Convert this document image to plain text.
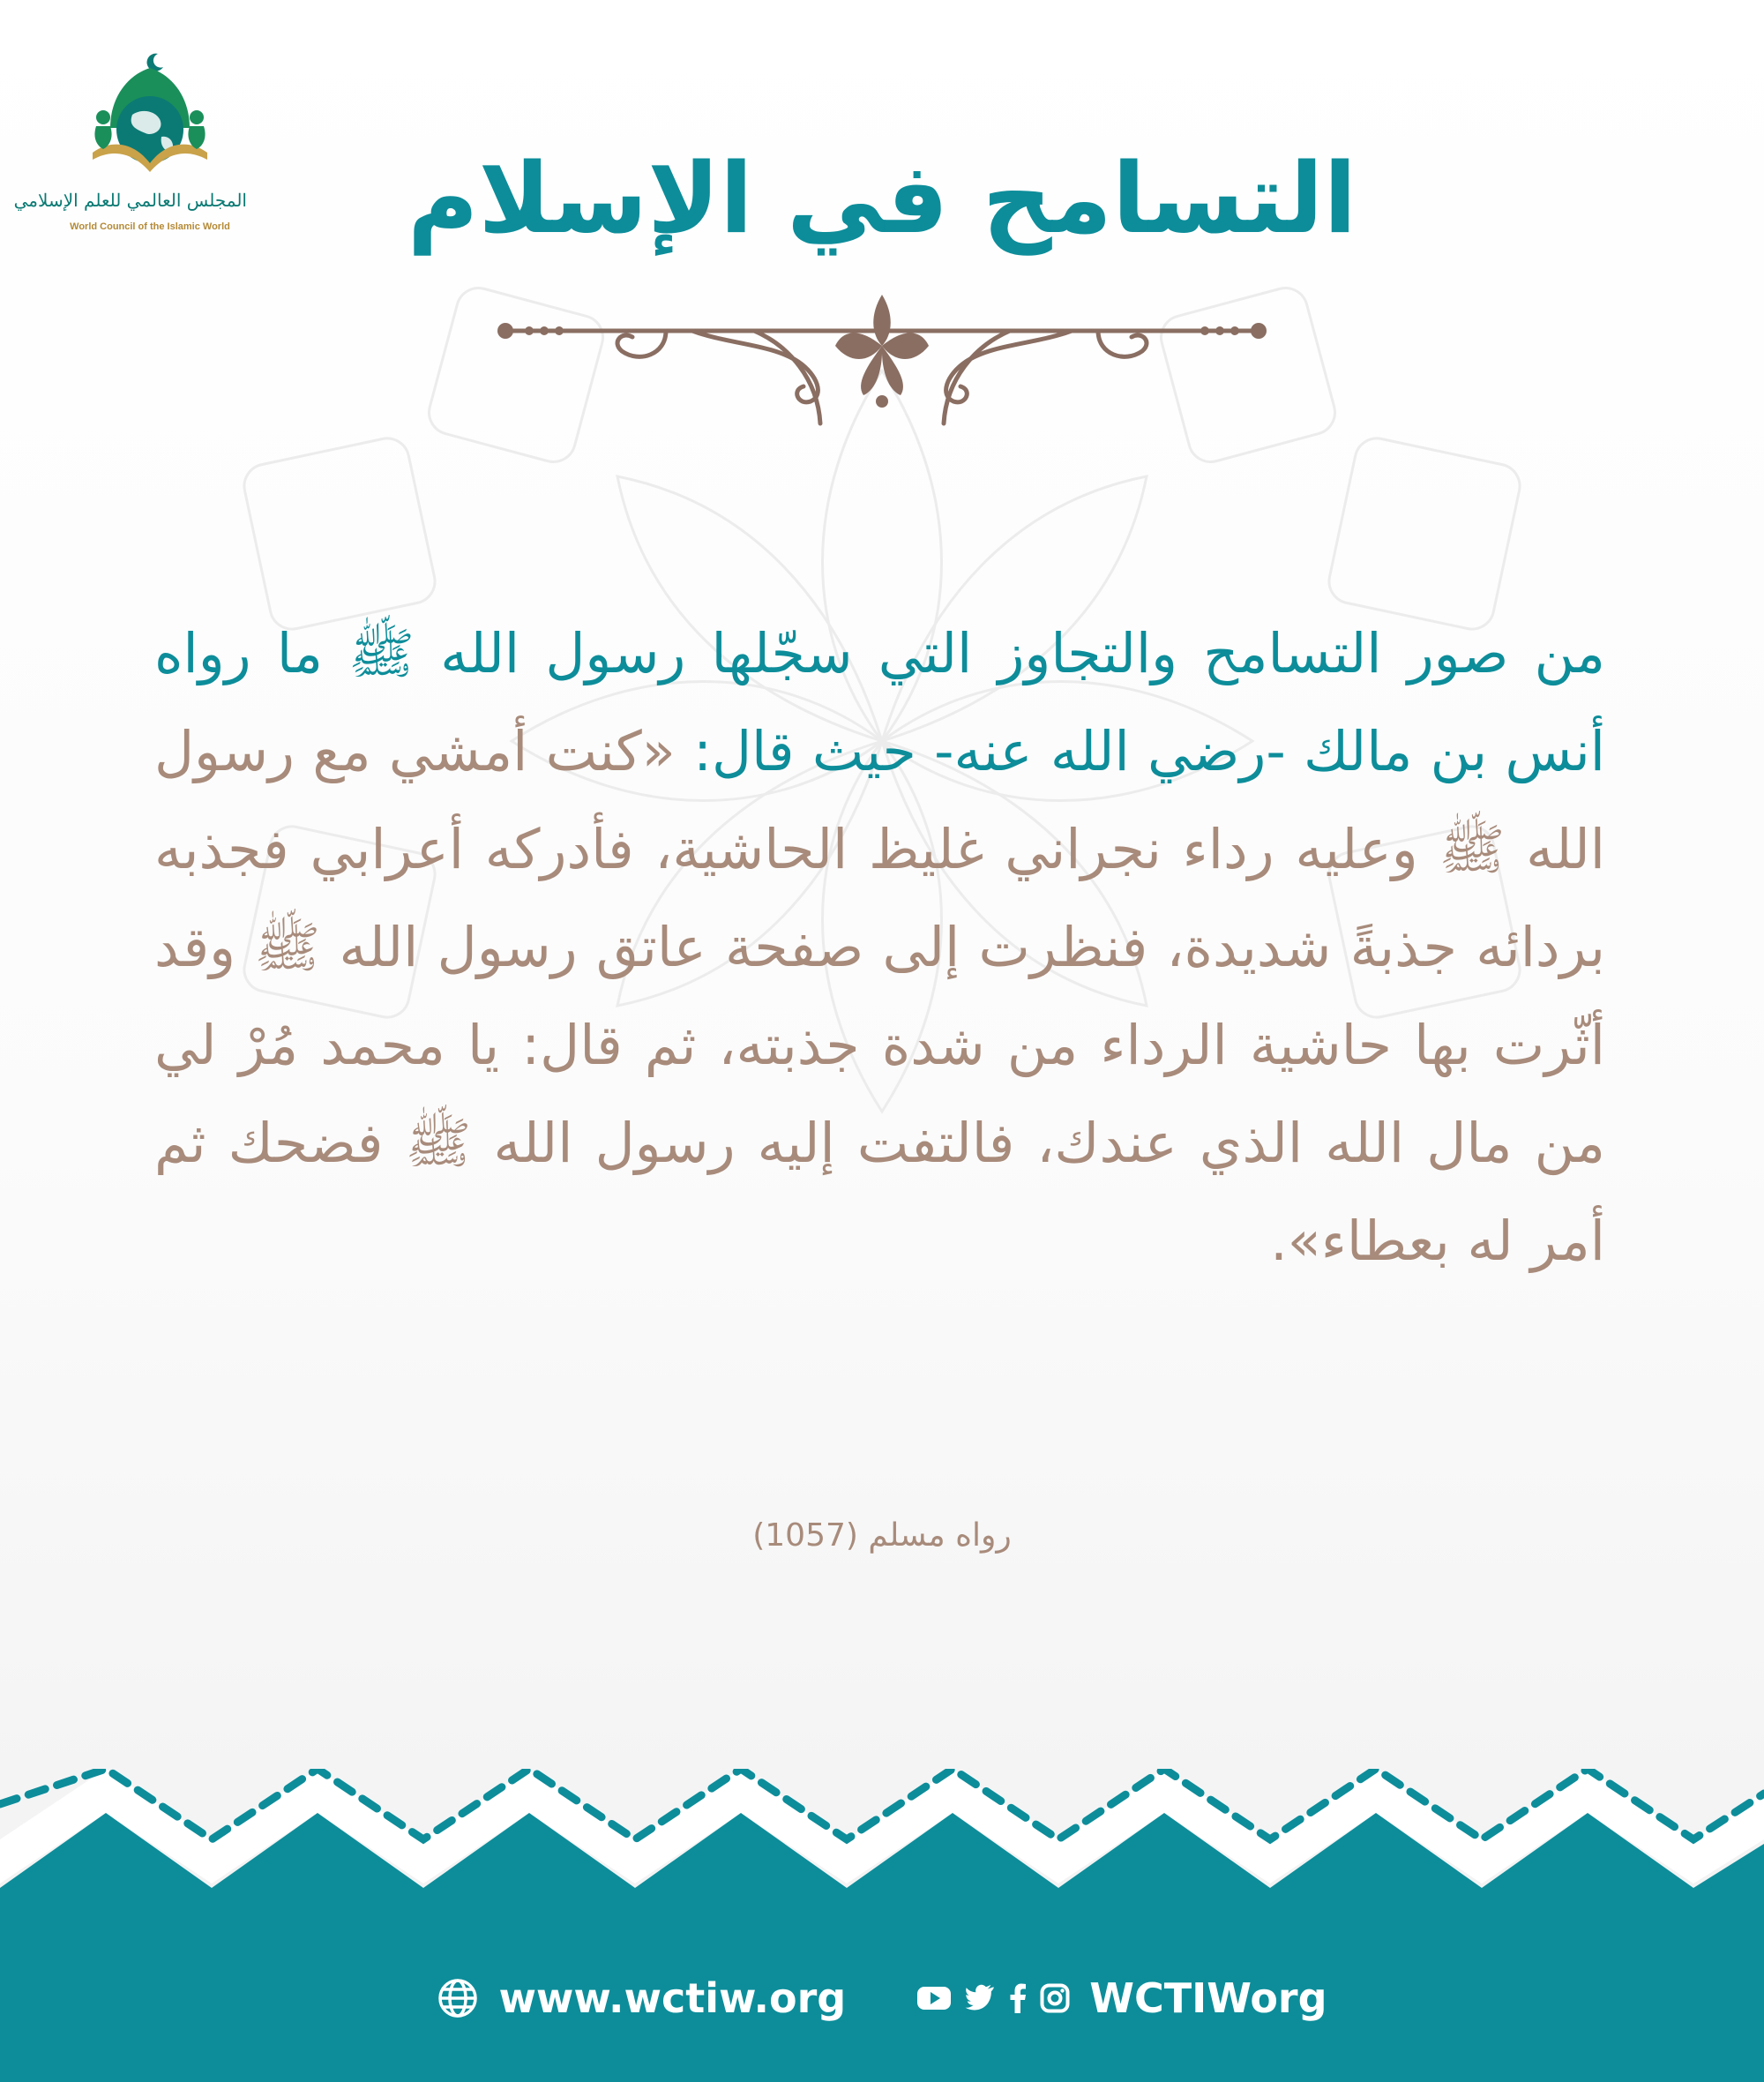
المجلس العالمي للعلم الإسلامي
World Council of the Islamic World	التسامح في الإسلام

من صور التسامح والتجاوز التي سجّلها رسول الله ﷺ ما رواه أنس بن مالك -رضي الله عنه- حيث قال: «كنت أمشي مع رسول الله ﷺ وعليه رداء نجراني غليظ الحاشية، فأدركه أعرابي فجذبه بردائه جذبةً شديدة، فنظرت إلى صفحة عاتق رسول الله ﷺ وقد أثّرت بها حاشية الرداء من شدة جذبته، ثم قال: يا محمد مُرْ لي من مال الله الذي عندك، فالتفت إليه رسول الله ﷺ فضحك ثم أمر له بعطاء».

رواه مسلم (1057)

WCTIWorg
www.wctiw.org
